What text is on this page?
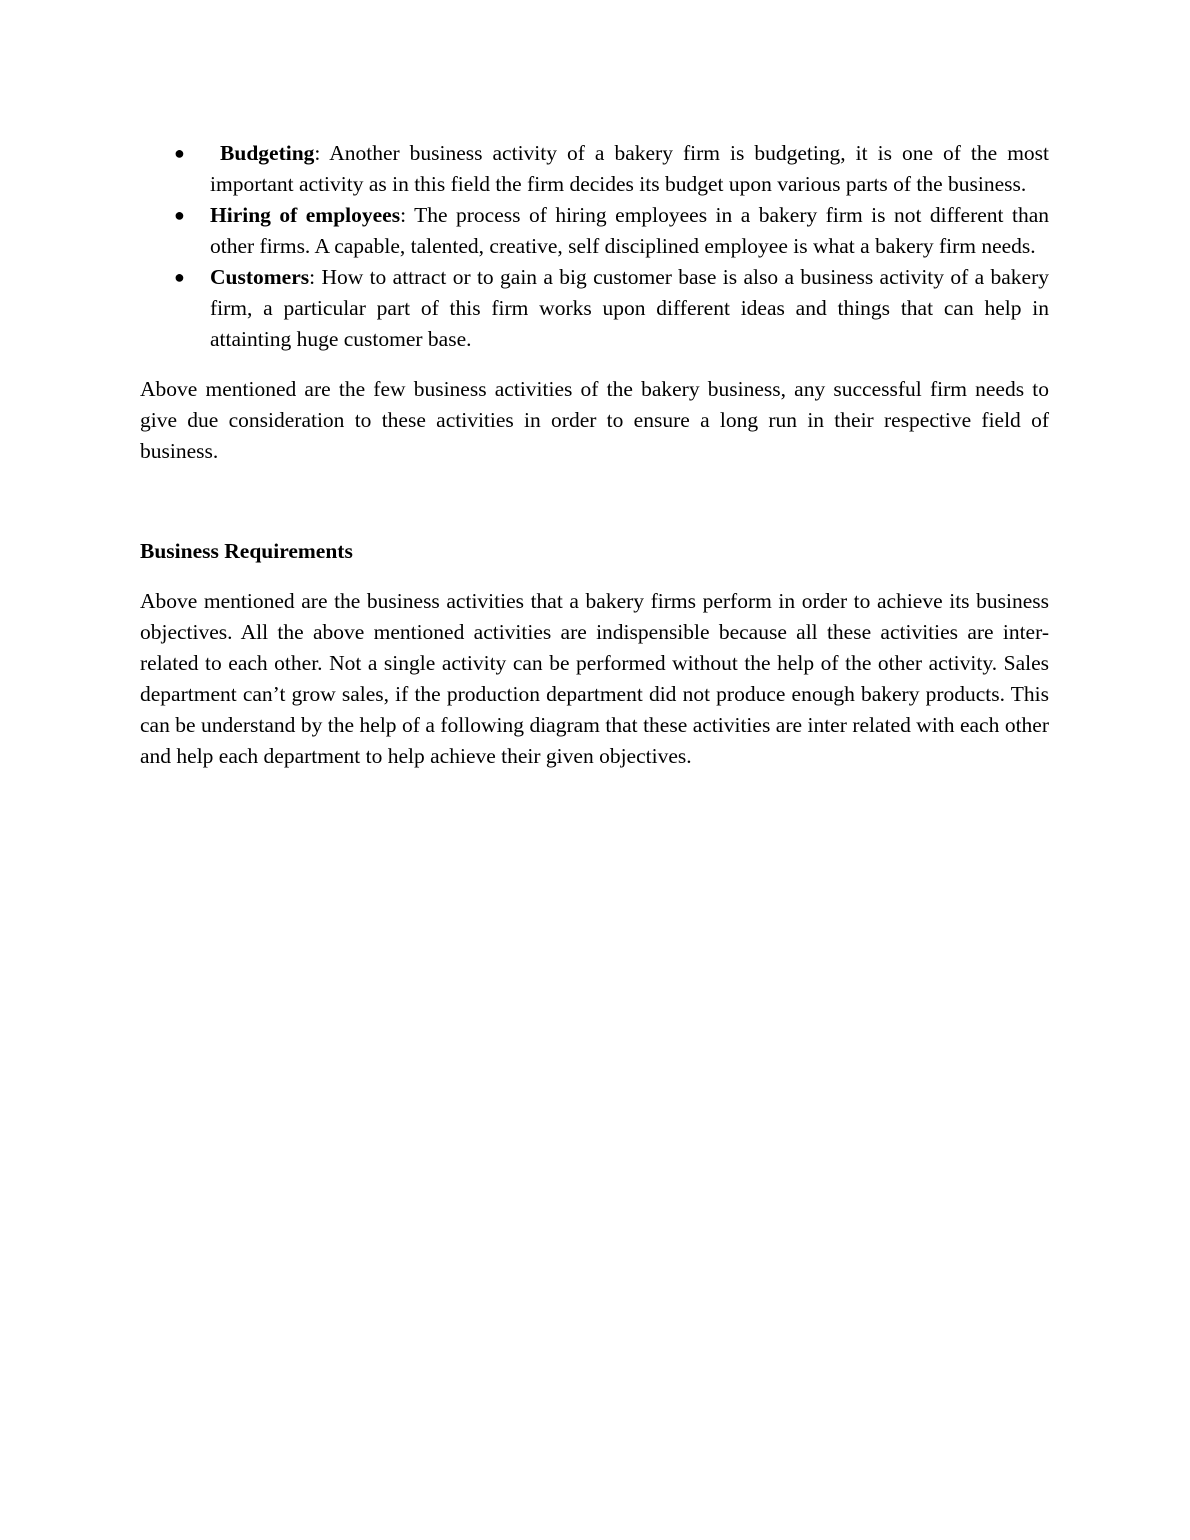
● Budgeting: Another business activity of a bakery firm is budgeting, it is one of the most important activity as in this field the firm decides its budget upon various parts of the business.
● Hiring of employees: The process of hiring employees in a bakery firm is not different than other firms. A capable, talented, creative, self disciplined employee is what a bakery firm needs.
● Customers: How to attract or to gain a big customer base is also a business activity of a bakery firm, a particular part of this firm works upon different ideas and things that can help in attainting huge customer base.

Above mentioned are the few business activities of the bakery business, any successful firm needs to give due consideration to these activities in order to ensure a long run in their respective field of business.

Business Requirements

Above mentioned are the business activities that a bakery firms perform in order to achieve its business objectives. All the above mentioned activities are indispensible because all these activities are inter-related to each other. Not a single activity can be performed without the help of the other activity. Sales department can’t grow sales, if the production department did not produce enough bakery products. This can be understand by the help of a following diagram that these activities are inter related with each other and help each department to help achieve their given objectives.
